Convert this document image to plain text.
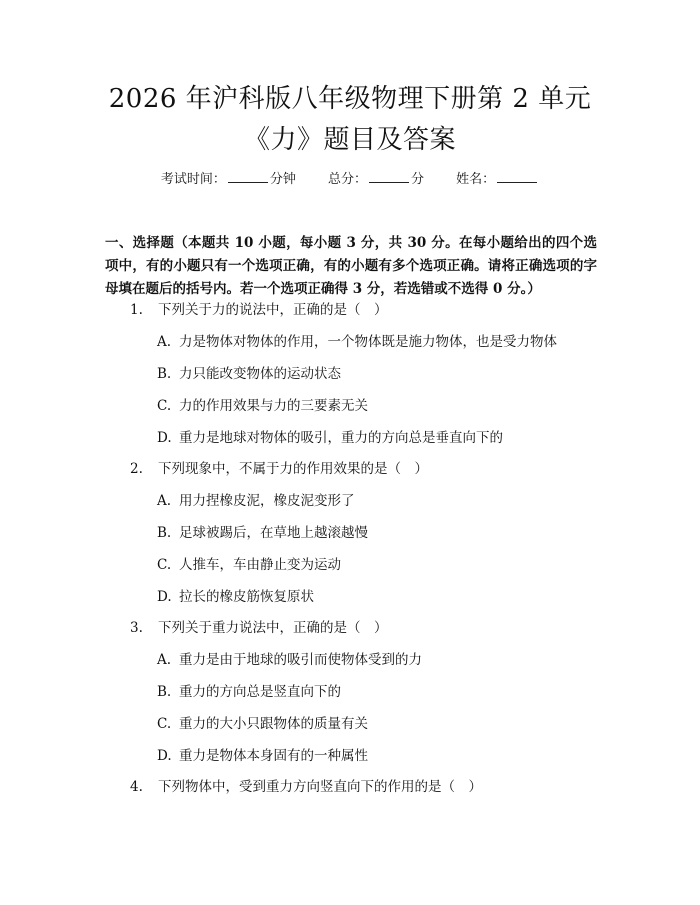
2026 年沪科版八年级物理下册第 2 单元
《力》题目及答案
考试时间：	分钟 总分：	分 姓名：
一、选择题（本题共 10 小题，每小题 3 分，共 30 分。在每小题给出的四个选项中，有的小题只有一个选项正确，有的小题有多个选项正确。请将正确选项的字母填在题后的括号内。若一个选项正确得 3 分，若选错或不选得 0 分。）
1. 下列关于力的说法中，正确的是（　）
A. 力是物体对物体的作用，一个物体既是施力物体，也是受力物体
B. 力只能改变物体的运动状态
C. 力的作用效果与力的三要素无关
D. 重力是地球对物体的吸引，重力的方向总是垂直向下的
2. 下列现象中，不属于力的作用效果的是（　）
A. 用力捏橡皮泥，橡皮泥变形了
B. 足球被踢后，在草地上越滚越慢
C. 人推车，车由静止变为运动
D. 拉长的橡皮筋恢复原状
3. 下列关于重力说法中，正确的是（　）
A. 重力是由于地球的吸引而使物体受到的力
B. 重力的方向总是竖直向下的
C. 重力的大小只跟物体的质量有关
D. 重力是物体本身固有的一种属性
4. 下列物体中，受到重力方向竖直向下的作用的是（　）
